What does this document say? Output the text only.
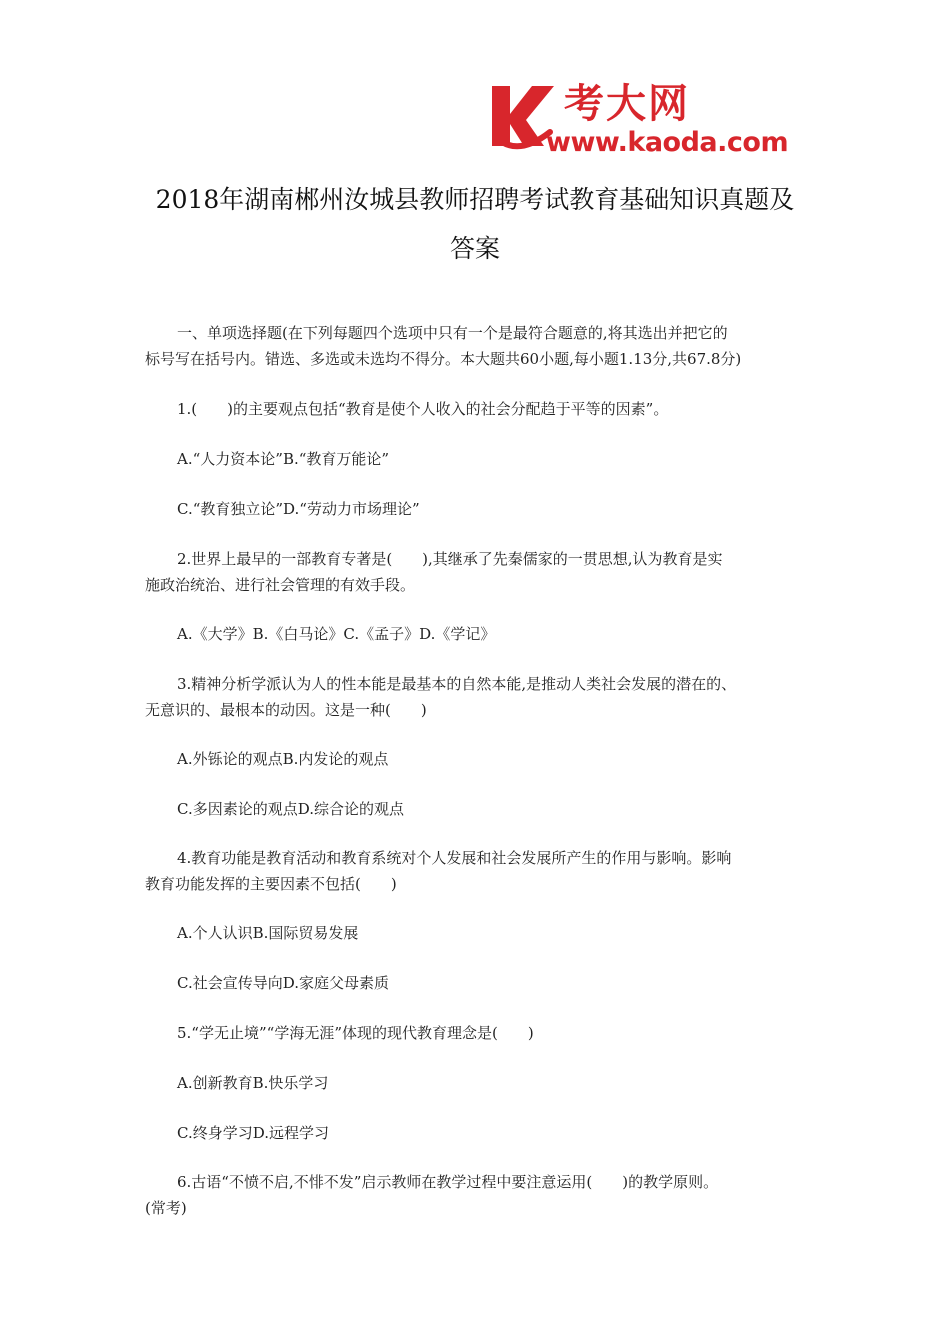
考大网
www.kaoda.com
2018年湖南郴州汝城县教师招聘考试教育基础知识真题及
答案
一、单项选择题(在下列每题四个选项中只有一个是最符合题意的,将其选出并把它的
标号写在括号内。错选、多选或未选均不得分。本大题共60小题,每小题1.13分,共67.8分)
1.(　　)的主要观点包括“教育是使个人收入的社会分配趋于平等的因素”。
A.“人力资本论”B.“教育万能论”
C.“教育独立论”D.“劳动力市场理论”
2.世界上最早的一部教育专著是(　　),其继承了先秦儒家的一贯思想,认为教育是实
施政治统治、进行社会管理的有效手段。
A.《大学》B.《白马论》C.《孟子》D.《学记》
3.精神分析学派认为人的性本能是最基本的自然本能,是推动人类社会发展的潜在的、
无意识的、最根本的动因。这是一种(　　)
A.外铄论的观点B.内发论的观点
C.多因素论的观点D.综合论的观点
4.教育功能是教育活动和教育系统对个人发展和社会发展所产生的作用与影响。影响
教育功能发挥的主要因素不包括(　　)
A.个人认识B.国际贸易发展
C.社会宣传导向D.家庭父母素质
5.“学无止境”“学海无涯”体现的现代教育理念是(　　)
A.创新教育B.快乐学习
C.终身学习D.远程学习
6.古语“不愤不启,不悱不发”启示教师在教学过程中要注意运用(　　)的教学原则。
(常考)
